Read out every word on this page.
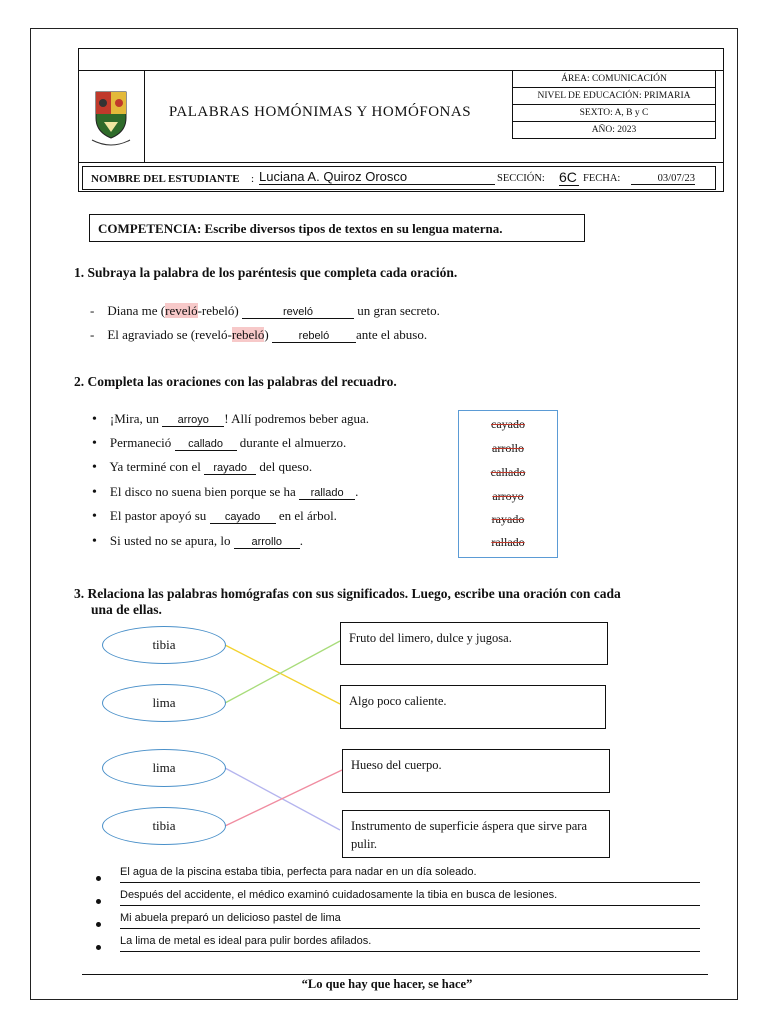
PALABRAS HOMÓNIMAS Y HOMÓFONAS
ÁREA: COMUNICACIÓN
NIVEL DE EDUCACIÓN: PRIMARIA
SEXTO: A, B y C
AÑO: 2023
NOMBRE DEL ESTUDIANTE : Luciana A. Quiroz Orosco	SECCIÓN: 6C FECHA:	03/07/23
COMPETENCIA: Escribe diversos tipos de textos en su lengua materna.
1. Subraya la palabra de los paréntesis que completa cada oración.
-    Diana me (reveló-rebeló)	reveló	un gran secreto.
-    El agraviado se (reveló-rebeló)	rebeló ante el abuso.
2. Completa las oraciones con las palabras del recuadro.
• ¡Mira, un arroyo ! Allí podremos beber agua.
• Permaneció callado durante el almuerzo.
• Ya terminé con el rayado del queso.
• El disco no suena bien porque se ha rallado .
• El pastor apoyó su cayado en el árbol.
• Si usted no se apura, lo arrollo .
cayado
arrollo
callado
arroyo
rayado
rallado
3. Relaciona las palabras homógrafas con sus significados. Luego, escribe una oración con cada
una de ellas.
tibia
lima
Fruto del limero, dulce y jugosa.
Algo poco caliente.
lima
tibia
Hueso del cuerpo.
Instrumento de superficie áspera que sirve para pulir.
El agua de la piscina estaba tibia, perfecta para nadar en un día soleado.
Después del accidente, el médico examinó cuidadosamente la tibia en busca de lesiones.
Mi abuela preparó un delicioso pastel de lima
La lima de metal es ideal para pulir bordes afilados.
“Lo que hay que hacer, se hace”
